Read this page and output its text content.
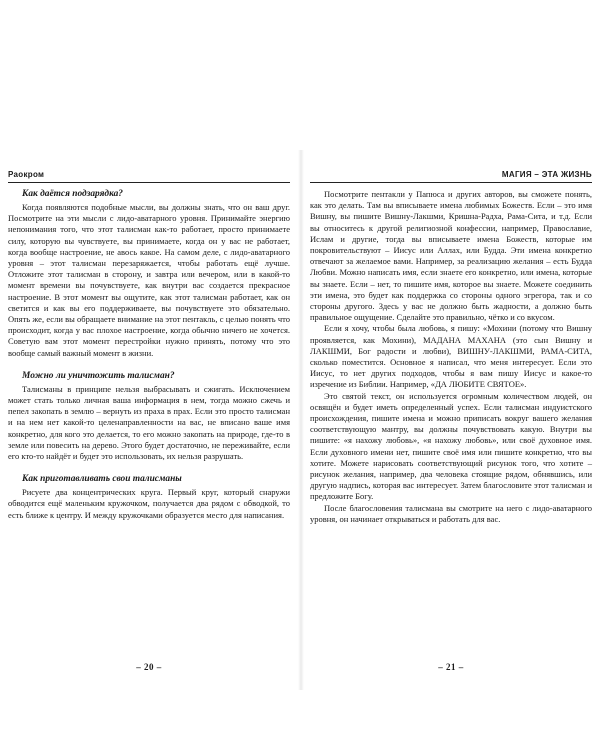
Раокром
Как даётся подзарядка?

Когда появляются подобные мысли, вы должны знать, что он ваш друг. Посмотрите на эти мысли с лидо-аватарного уровня. Принимайте энергию непонимания того, что этот талисман как-то работает, просто принимаете силу, которую вы чувствуете, вы принимаете, когда он у вас не работает, когда вообще настроение, не авось какое. На самом деле, с лидо-аватарного уровня – этот талисман перезаряжается, чтобы работать ещё лучше. Отложите этот талисман в сторону, и завтра или вечером, или в какой-то момент времени вы почувствуете, как внутри вас создается прекрасное настроение. В этот момент вы ощутите, как этот талисман работает, как он светится и как вы его поддерживаете, вы почувствуете это обязательно. Опять же, если вы обращаете внимание на этот пентакль, с целью понять что происходит, когда у вас плохое настроение, когда обычно ничего не хочется. Советую вам этот момент перестройки нужно принять, потому что это вообще самый важный момент в жизни.

Можно ли уничтожить талисман?

Талисманы в принципе нельзя выбрасывать и сжигать. Исключением может стать только личная ваша информация в нем, тогда можно сжечь и пепел закопать в землю – вернуть из праха в прах. Если это просто талисман и на нем нет какой-то целенаправленности на вас, не вписано ваше имя конкретно, для кого это делается, то его можно закопать на природе, где-то в земле или повесить на дерево. Этого будет достаточно, не переживайте, если его кто-то найдёт и будет это использовать, их нельзя разрушать.

Как приготавливать свои талисманы

Рисуете два концентрических круга. Первый круг, который снаружи обводится ещё маленьким кружочком, получается два рядом с обводкой, то есть ближе к центру. И между кружочками образуется место для написания.

– 20 –
МАГИЯ – ЭТА ЖИЗНЬ

Посмотрите пентакли у Папюса и других авторов, вы сможете понять, как это делать. Там вы вписываете имена любимых Божеств. Если – это имя Вишну, вы пишите Вишну-Лакшми, Кришна-Радха, Рама-Сита, и т.д. Если вы относитесь к другой религиозной конфессии, например, Православие, Ислам и другие, тогда вы вписываете имена Божеств, которые им покровительствуют – Иисус или Аллах, или Будда. Эти имена конкретно отвечают за желаемое вами. Например, за реализацию желания – есть Будда Любви. Можно написать имя, если знаете его конкретно, или имена, которые вы знаете. Если – нет, то пишите имя, которое вы знаете. Можете соединить эти имена, это будет как поддержка со стороны одного эгрегора, так и со стороны другого. Здесь у вас не должно быть жадности, а должно быть правильное ощущение. Сделайте это правильно, чётко и со вкусом.

Если я хочу, чтобы была любовь, я пишу: «Мохини (потому что Вишну проявляется, как Мохини), МАДАНА МАХАНА (это сын Вишну и ЛАКШМИ, Бог радости и любви), ВИШНУ-ЛАКШМИ, РАМА-СИТА, сколько поместится. Основное я написал, что меня интересует. Если это Иисус, то нет других подходов, чтобы я вам пишу Иисус и какое-то изречение из Библии. Например, «ДА ЛЮБИТЕ СВЯТОЕ».

Это святой текст, он используется огромным количеством людей, он освящён и будет иметь определенный успех. Если талисман индуистского происхождения, пишите имена и можно приписать вокруг вашего желания соответствующую мантру, вы должны почувствовать какую. Внутри вы пишите: «я нахожу любовь», «я нахожу любовь», или своё духовное имя. Если духовного имени нет, пишите своё имя или пишите конкретно, что вы хотите. Можете нарисовать соответствующий рисунок того, что хотите – рисунок желания, например, два человека стоящие рядом, обнявшись, или другую надпись, которая вас интересует. Затем благословите этот талисман и предложите Богу.

После благословения талисмана вы смотрите на него с лидо-аватарного уровня, он начинает открываться и работать для вас.

– 21 –
